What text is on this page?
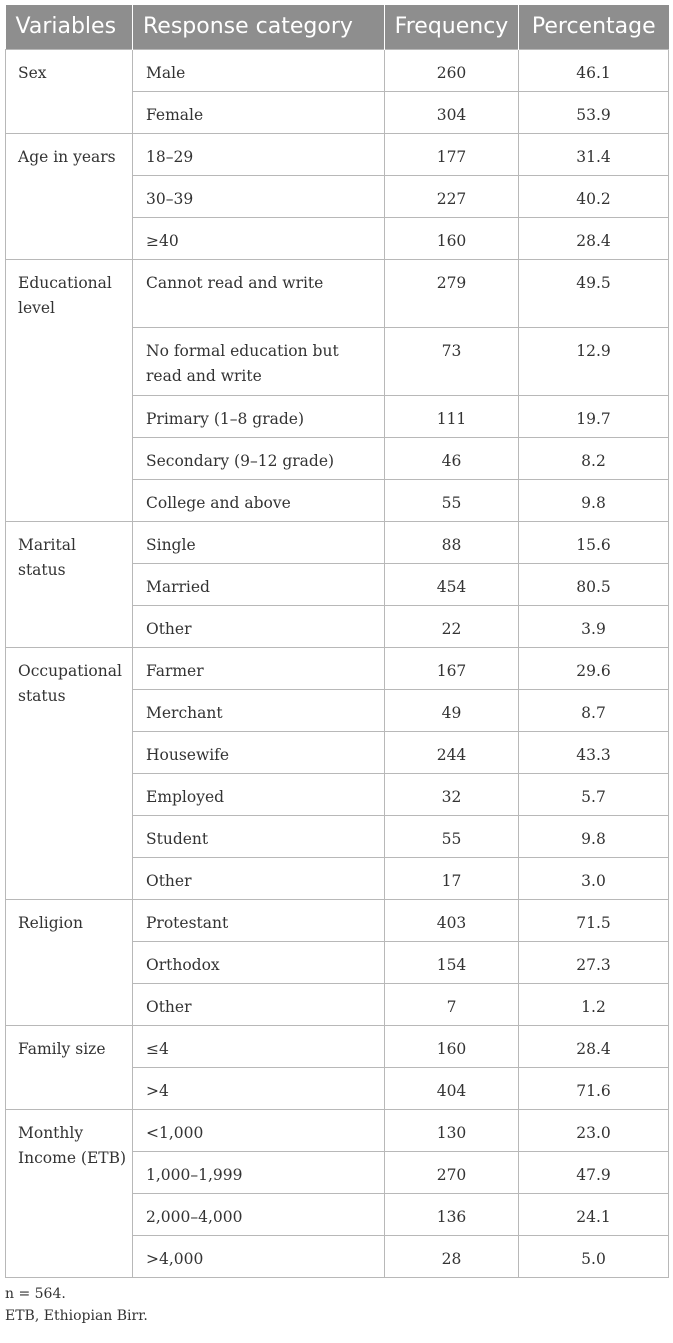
Variables	Response category	Frequency	Percentage
Sex	Male	260	46.1
	Female	304	53.9
Age in years	18–29	177	31.4
	30–39	227	40.2
	≥40	160	28.4
Educational level	Cannot read and write	279	49.5
	No formal education but read and write	73	12.9
	Primary (1–8 grade)	111	19.7
	Secondary (9–12 grade)	46	8.2
	College and above	55	9.8
Marital status	Single	88	15.6
	Married	454	80.5
	Other	22	3.9
Occupational status	Farmer	167	29.6
	Merchant	49	8.7
	Housewife	244	43.3
	Employed	32	5.7
	Student	55	9.8
	Other	17	3.0
Religion	Protestant	403	71.5
	Orthodox	154	27.3
	Other	7	1.2
Family size	≤4	160	28.4
	>4	404	71.6
Monthly Income (ETB)	<1,000	130	23.0
	1,000–1,999	270	47.9
	2,000–4,000	136	24.1
	>4,000	28	5.0
n = 564.
ETB, Ethiopian Birr.
